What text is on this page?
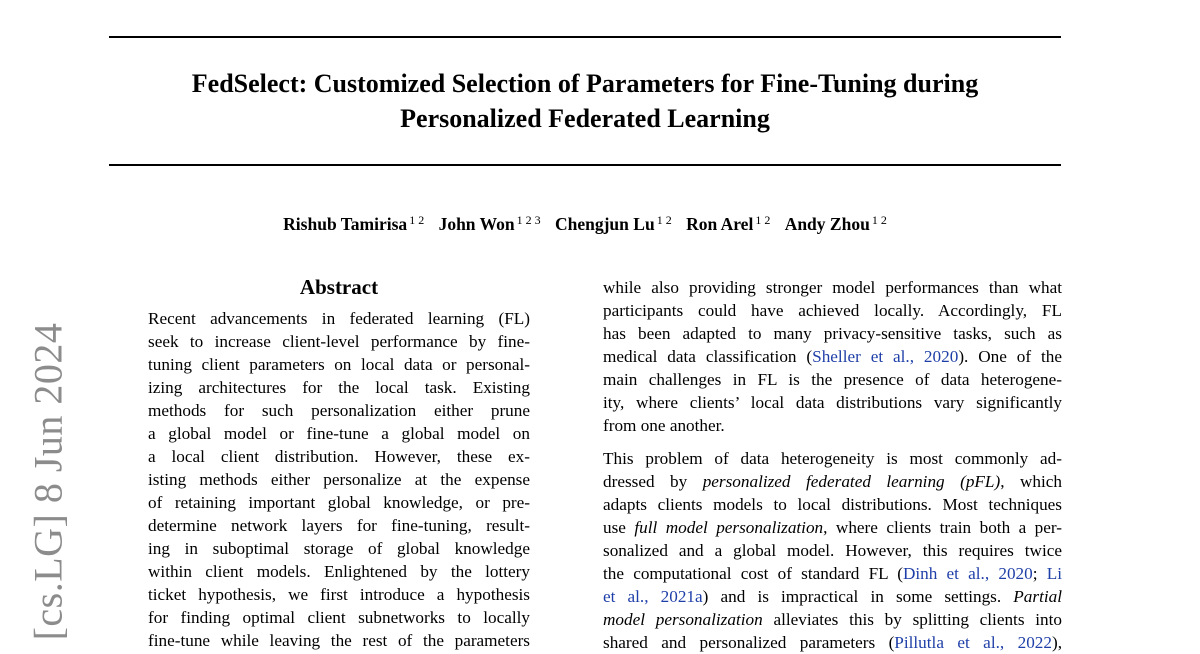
FedSelect: Customized Selection of Parameters for Fine-Tuning during
Personalized Federated Learning
Rishub Tamirisa $^{1 2}$ John Won $^{1 2 3}$ Chengjun Lu $^{1 2}$ Ron Arel $^{1 2}$ Andy Zhou $^{1 2}$
[cs.LG] 8 Jun 2024
Abstract
Recent advancements in federated learning (FL)
seek to increase client-level performance by fine-
tuning client parameters on local data or personal-
izing architectures for the local task. Existing
methods for such personalization either prune
a global model or fine-tune a global model on
a local client distribution. However, these ex-
isting methods either personalize at the expense
of retaining important global knowledge, or pre-
determine network layers for fine-tuning, result-
ing in suboptimal storage of global knowledge
within client models. Enlightened by the lottery
ticket hypothesis, we first introduce a hypothesis
for finding optimal client subnetworks to locally
fine-tune while leaving the rest of the parameters
while also providing stronger model performances than what
participants could have achieved locally. Accordingly, FL
has been adapted to many privacy-sensitive tasks, such as
medical data classification (Sheller et al., 2020). One of the
main challenges in FL is the presence of data heterogene-
ity, where clients’ local data distributions vary significantly
from one another.
This problem of data heterogeneity is most commonly ad-
dressed by personalized federated learning (pFL), which
adapts clients models to local distributions. Most techniques
use full model personalization, where clients train both a per-
sonalized and a global model. However, this requires twice
the computational cost of standard FL (Dinh et al., 2020; Li
et al., 2021a) and is impractical in some settings. Partial
model personalization alleviates this by splitting clients into
shared and personalized parameters (Pillutla et al., 2022),
